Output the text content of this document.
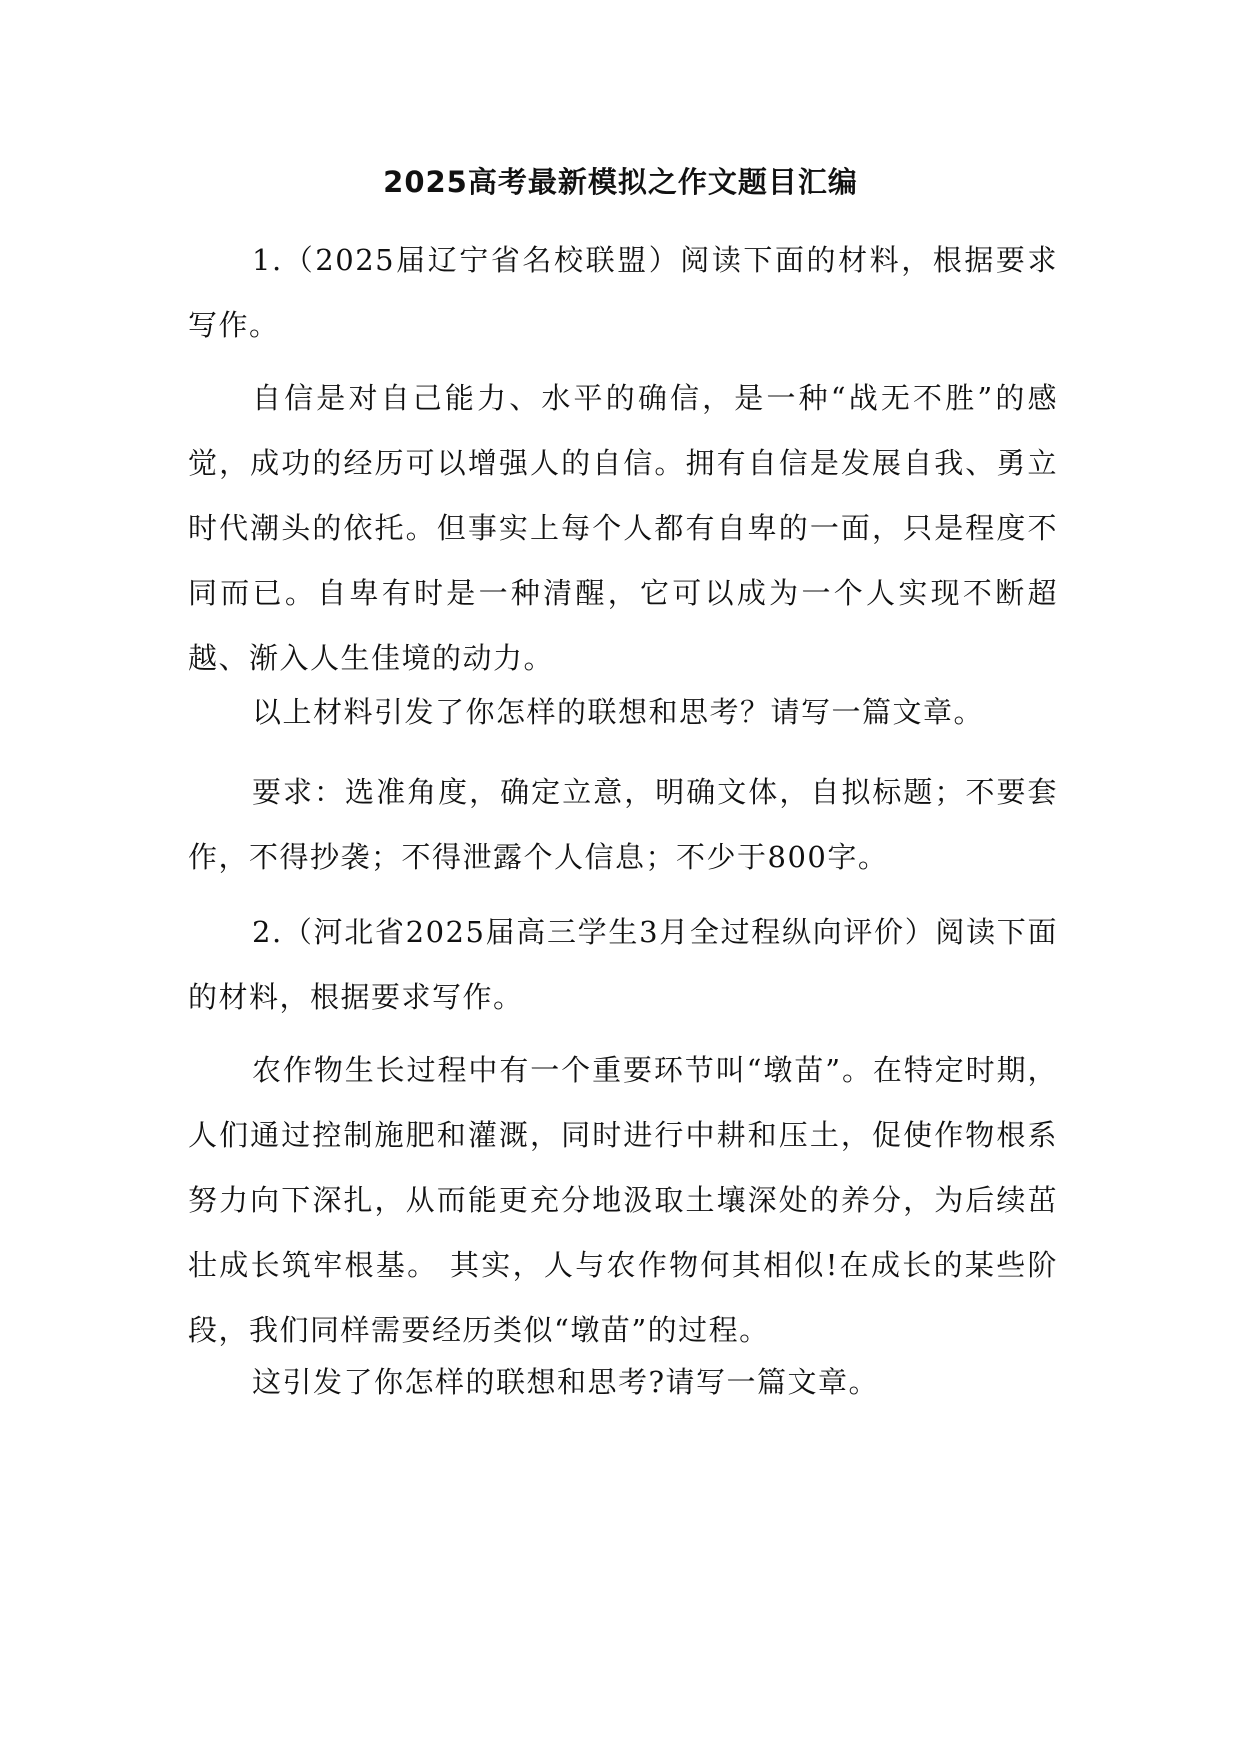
2025高考最新模拟之作文题目汇编

1.（2025届辽宁省名校联盟）阅读下面的材料，根据要求写作。

自信是对自己能力、水平的确信，是一种“战无不胜”的感觉，成功的经历可以增强人的自信。拥有自信是发展自我、勇立时代潮头的依托。但事实上每个人都有自卑的一面，只是程度不同而已。自卑有时是一种清醒，它可以成为一个人实现不断超越、渐入人生佳境的动力。

以上材料引发了你怎样的联想和思考？请写一篇文章。

要求：选准角度，确定立意，明确文体，自拟标题；不要套作，不得抄袭；不得泄露个人信息；不少于800字。

2.（河北省2025届高三学生3月全过程纵向评价）阅读下面的材料，根据要求写作。

农作物生长过程中有一个重要环节叫“墩苗”。在特定时期，人们通过控制施肥和灌溉，同时进行中耕和压土，促使作物根系努力向下深扎，从而能更充分地汲取土壤深处的养分，为后续茁壮成长筑牢根基。 其实，人与农作物何其相似!在成长的某些阶段，我们同样需要经历类似“墩苗”的过程。

这引发了你怎样的联想和思考?请写一篇文章。
